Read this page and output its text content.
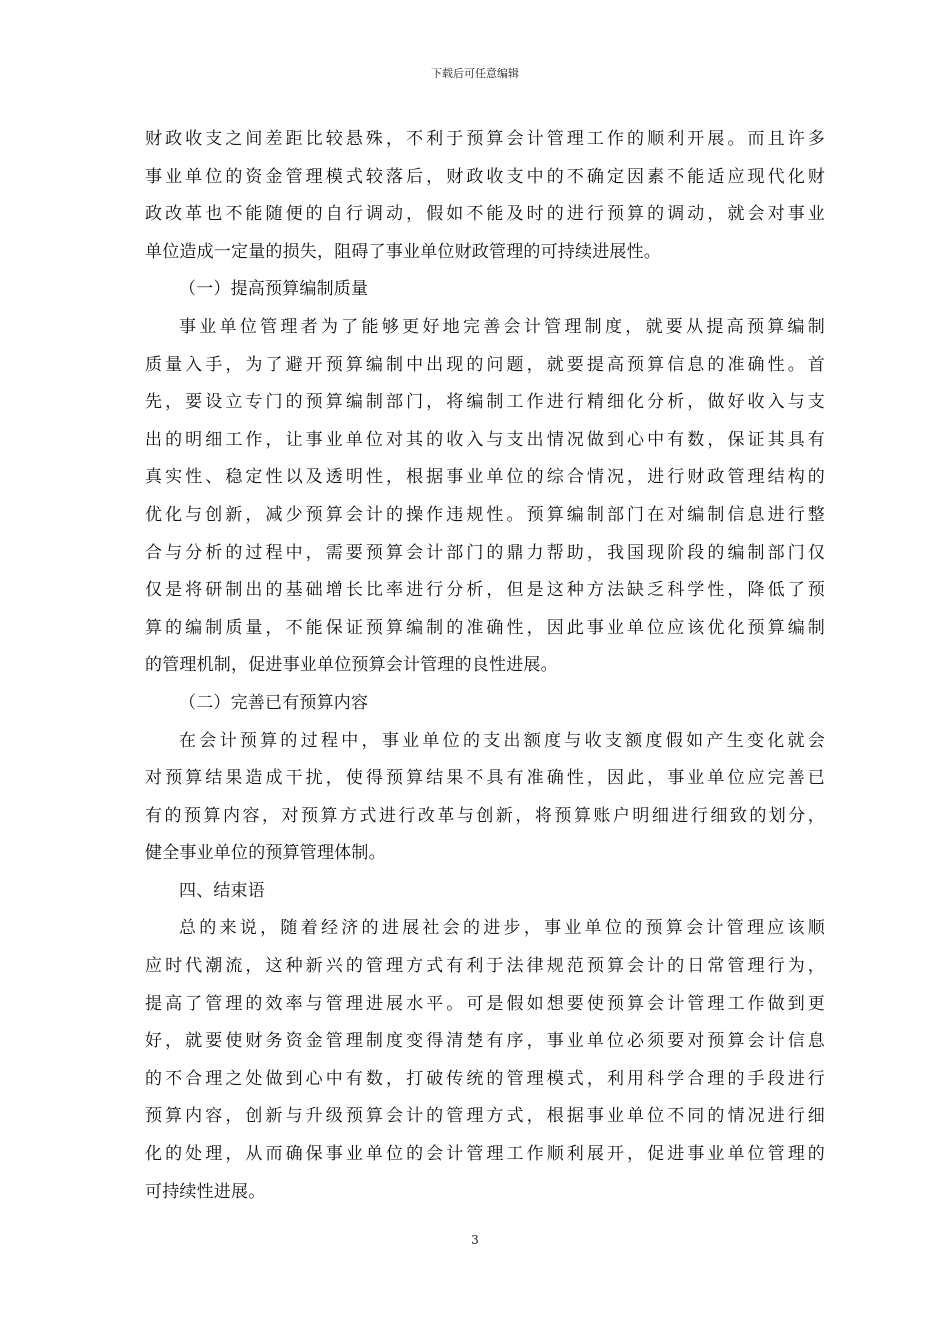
下载后可任意编辑
财政收支之间差距比较悬殊，不利于预算会计管理工作的顺利开展。而且许多
事业单位的资金管理模式较落后，财政收支中的不确定因素不能适应现代化财
政改革也不能随便的自行调动，假如不能及时的进行预算的调动，就会对事业
单位造成一定量的损失，阻碍了事业单位财政管理的可持续进展性。
（一）提高预算编制质量
事业单位管理者为了能够更好地完善会计管理制度，就要从提高预算编制
质量入手，为了避开预算编制中出现的问题，就要提高预算信息的准确性。首
先，要设立专门的预算编制部门，将编制工作进行精细化分析，做好收入与支
出的明细工作，让事业单位对其的收入与支出情况做到心中有数，保证其具有
真实性、稳定性以及透明性，根据事业单位的综合情况，进行财政管理结构的
优化与创新，减少预算会计的操作违规性。预算编制部门在对编制信息进行整
合与分析的过程中，需要预算会计部门的鼎力帮助，我国现阶段的编制部门仅
仅是将研制出的基础增长比率进行分析，但是这种方法缺乏科学性，降低了预
算的编制质量，不能保证预算编制的准确性，因此事业单位应该优化预算编制
的管理机制，促进事业单位预算会计管理的良性进展。
（二）完善已有预算内容
在会计预算的过程中，事业单位的支出额度与收支额度假如产生变化就会
对预算结果造成干扰，使得预算结果不具有准确性，因此，事业单位应完善已
有的预算内容，对预算方式进行改革与创新，将预算账户明细进行细致的划分，
健全事业单位的预算管理体制。
四、结束语
总的来说，随着经济的进展社会的进步，事业单位的预算会计管理应该顺
应时代潮流，这种新兴的管理方式有利于法律规范预算会计的日常管理行为，
提高了管理的效率与管理进展水平。可是假如想要使预算会计管理工作做到更
好，就要使财务资金管理制度变得清楚有序，事业单位必须要对预算会计信息
的不合理之处做到心中有数，打破传统的管理模式，利用科学合理的手段进行
预算内容，创新与升级预算会计的管理方式，根据事业单位不同的情况进行细
化的处理，从而确保事业单位的会计管理工作顺利展开，促进事业单位管理的
可持续性进展。
3
